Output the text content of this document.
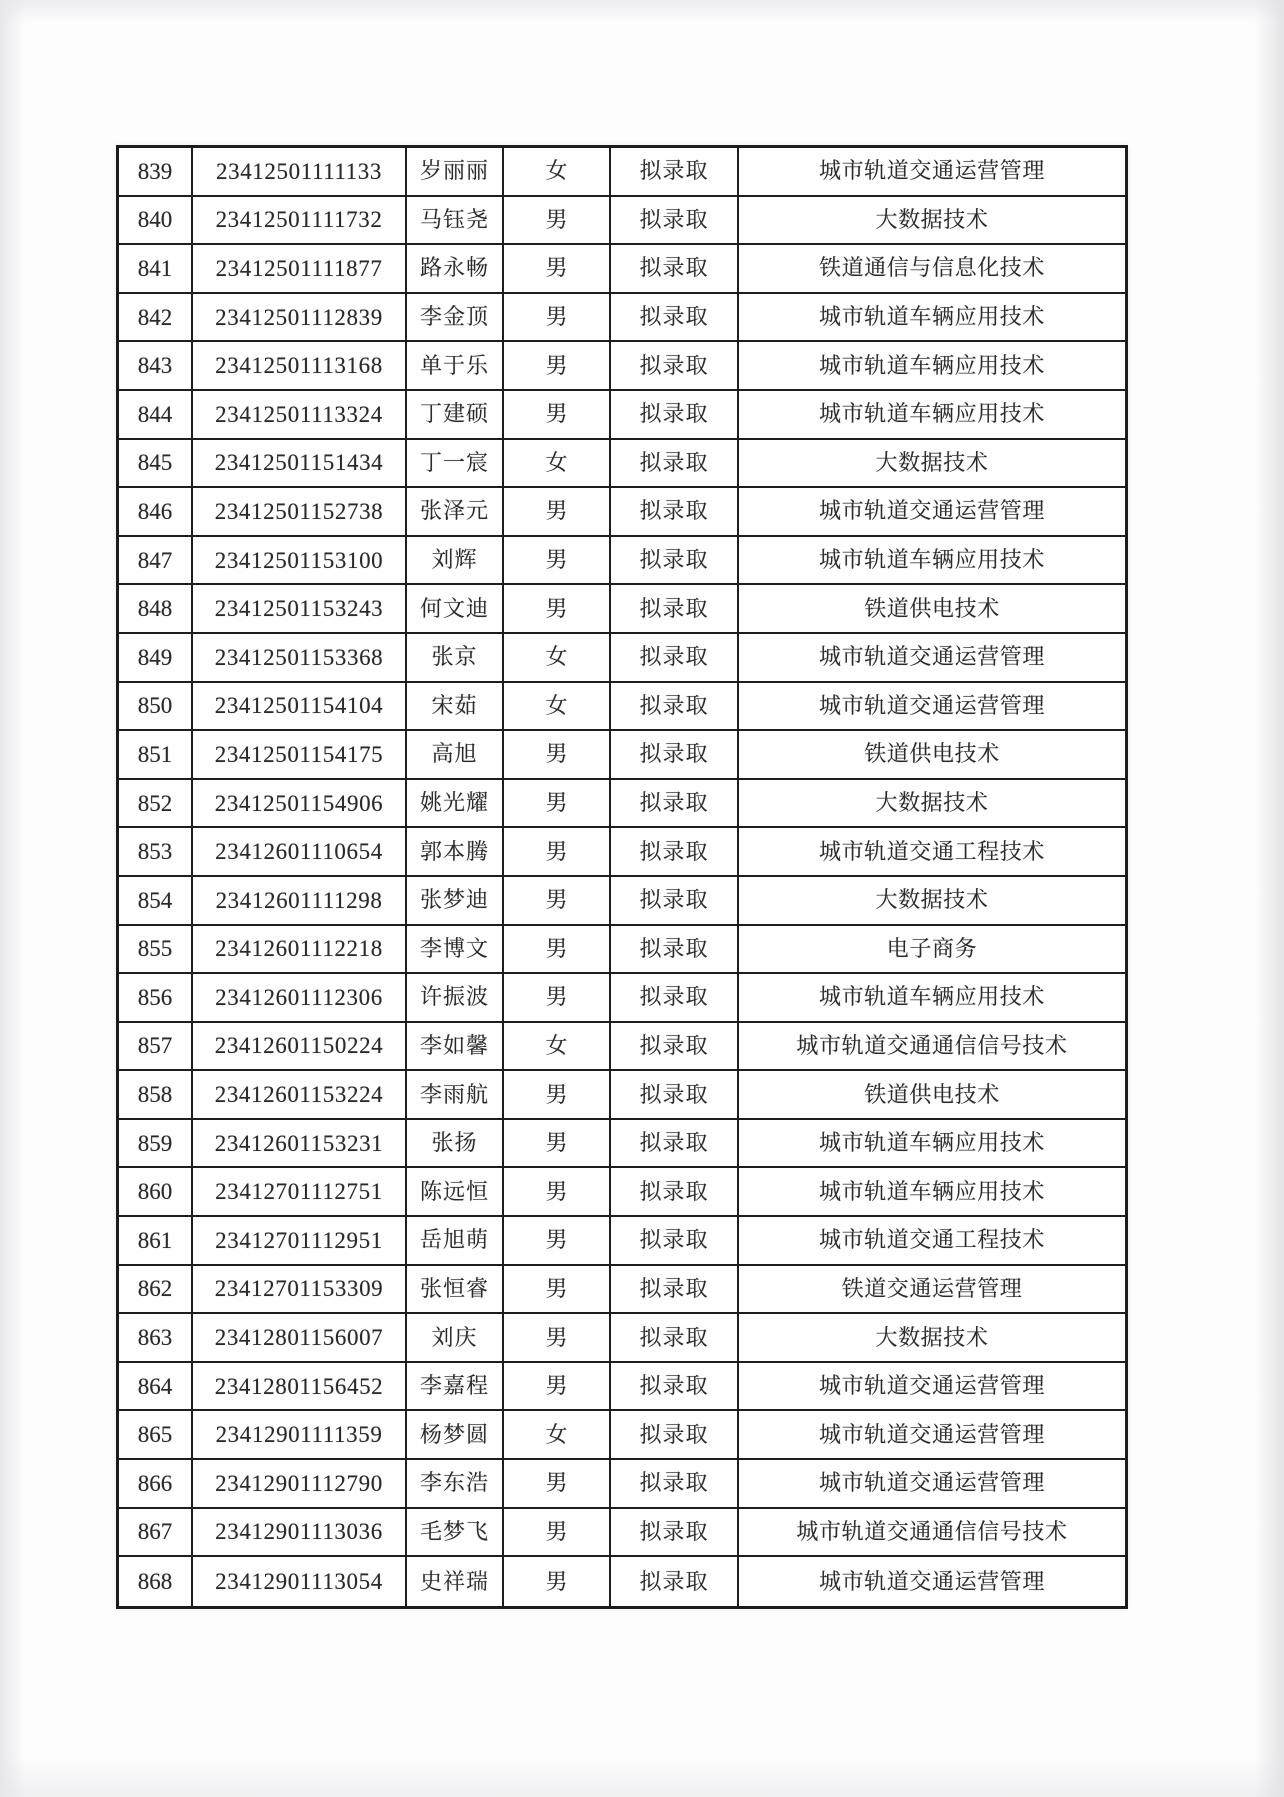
839	23412501111133	岁丽丽	女	拟录取	城市轨道交通运营管理
840	23412501111732	马钰尧	男	拟录取	大数据技术
841	23412501111877	路永畅	男	拟录取	铁道通信与信息化技术
842	23412501112839	李金顶	男	拟录取	城市轨道车辆应用技术
843	23412501113168	单于乐	男	拟录取	城市轨道车辆应用技术
844	23412501113324	丁建硕	男	拟录取	城市轨道车辆应用技术
845	23412501151434	丁一宸	女	拟录取	大数据技术
846	23412501152738	张泽元	男	拟录取	城市轨道交通运营管理
847	23412501153100	刘辉	男	拟录取	城市轨道车辆应用技术
848	23412501153243	何文迪	男	拟录取	铁道供电技术
849	23412501153368	张京	女	拟录取	城市轨道交通运营管理
850	23412501154104	宋茹	女	拟录取	城市轨道交通运营管理
851	23412501154175	高旭	男	拟录取	铁道供电技术
852	23412501154906	姚光耀	男	拟录取	大数据技术
853	23412601110654	郭本腾	男	拟录取	城市轨道交通工程技术
854	23412601111298	张梦迪	男	拟录取	大数据技术
855	23412601112218	李博文	男	拟录取	电子商务
856	23412601112306	许振波	男	拟录取	城市轨道车辆应用技术
857	23412601150224	李如馨	女	拟录取	城市轨道交通通信信号技术
858	23412601153224	李雨航	男	拟录取	铁道供电技术
859	23412601153231	张扬	男	拟录取	城市轨道车辆应用技术
860	23412701112751	陈远恒	男	拟录取	城市轨道车辆应用技术
861	23412701112951	岳旭萌	男	拟录取	城市轨道交通工程技术
862	23412701153309	张恒睿	男	拟录取	铁道交通运营管理
863	23412801156007	刘庆	男	拟录取	大数据技术
864	23412801156452	李嘉程	男	拟录取	城市轨道交通运营管理
865	23412901111359	杨梦圆	女	拟录取	城市轨道交通运营管理
866	23412901112790	李东浩	男	拟录取	城市轨道交通运营管理
867	23412901113036	毛梦飞	男	拟录取	城市轨道交通通信信号技术
868	23412901113054	史祥瑞	男	拟录取	城市轨道交通运营管理
